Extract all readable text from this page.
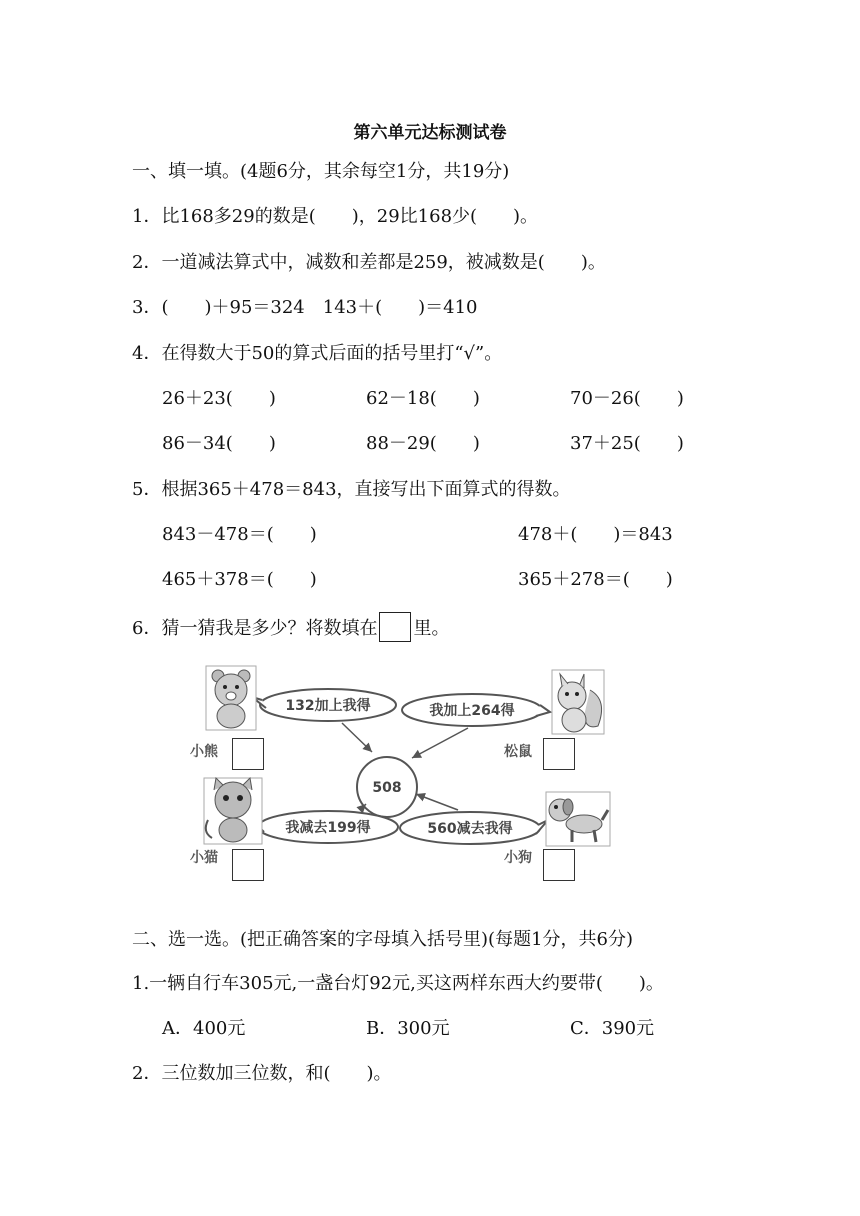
第六单元达标测试卷
一、填一填。(4题6分，其余每空1分，共19分)
1．比168多29的数是(　　)，29比168少(　　)。
2．一道减法算式中，减数和差都是259，被减数是(　　)。
3．(　　)＋95＝324　143＋(　　)＝410
4．在得数大于50的算式后面的括号里打“√”。
26＋23(　　)	62－18(　　)	70－26(　　)
86－34(　　)	88－29(　　)	37＋25(　　)
5．根据365＋478＝843，直接写出下面算式的得数。
843－478＝(　　)	478＋(　　)＝843
465＋378＝(　　)	365＋278＝(　　)
6．猜一猜我是多少？将数填在 里。
508
132加上我得	我加上264得
我减去199得	560减去我得
小熊	松鼠
小猫	小狗
二、选一选。(把正确答案的字母填入括号里)(每题1分，共6分)
1.一辆自行车305元,一盏台灯92元,买这两样东西大约要带(　　)。
A．400元	B．300元	C．390元
2．三位数加三位数，和(　　)。
